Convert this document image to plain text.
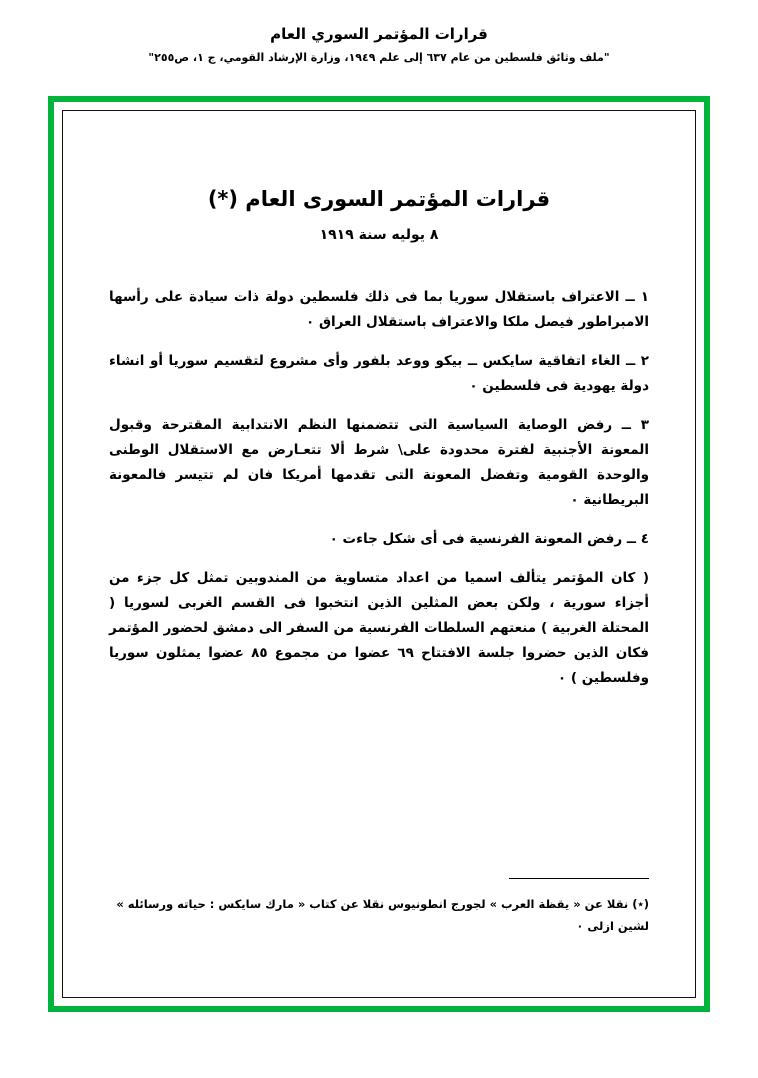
قرارات المؤتمر السوري العام
"ملف وثائق فلسطين من عام ٦٣٧ إلى علم ١٩٤٩، وزارة الإرشاد القومي، ج ١، ص٢٥٥"
قرارات المؤتمر السورى العام (*)
٨ يوليه سنة ١٩١٩

١ ــ الاعتراف باستقلال سوريا بما فى ذلك فلسطين دولة ذات سيادة على رأسها الامبراطور فيصل ملكا والاعتراف باستقلال العراق ٠

٢ ــ الغاء اتفاقية سايكس ــ بيكو ووعد بلفور وأى مشروع لتقسيم سوريا أو انشاء دولة يهودية فى فلسطين ٠

٣ ــ رفض الوصاية السياسية التى تتضمنها النظم الانتدابية المقترحة وقبول المعونة الأجنبية لفترة محدودة على\ شرط ألا تتعـارض مع الاستقلال الوطنى والوحدة القومية وتفضل المعونة التى تقدمها أمريكا فان لم تتيسر فالمعونة البريطانية ٠

٤ ــ رفض المعونة الفرنسية فى أى شكل جاءت ٠

( كان المؤتمر يتألف اسميا من اعداد متساوية من المندوبين تمثل كل جزء من أجزاء سورية ، ولكن بعض المثلين الذين انتخبوا فى القسم الغربى لسوريا ( المحتلة الغربية ) منعتهم السلطات الفرنسية من السفر الى دمشق لحضور المؤتمر فكان الذين حضروا جلسة الافتتاح ٦٩ عضوا من مجموع ٨٥ عضوا يمثلون سوريا وفلسطين ) ٠

(٭) نقلا عن « يقظة العرب » لجورج انطونيوس نقلا عن كتاب « مارك سايكس : حياته ورسائله » لشين ازلى ٠
